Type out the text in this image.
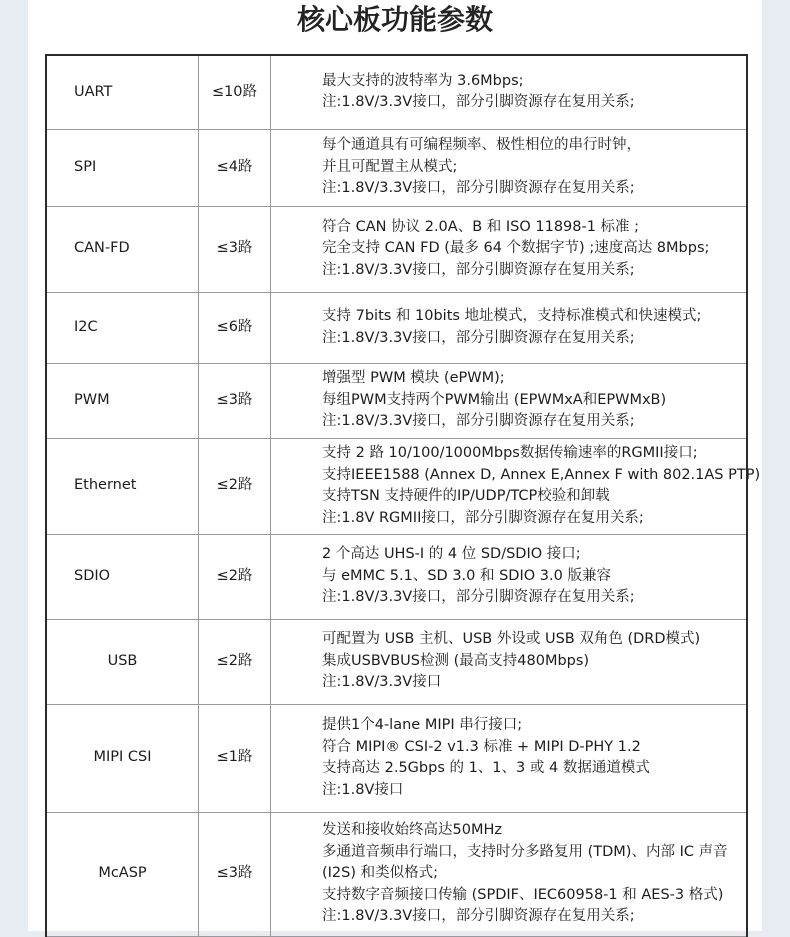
核心板功能参数
UART	≤10路	最大支持的波特率为 3.6Mbps;
注:1.8V/3.3V接口，部分引脚资源存在复用关系;

SPI	≤4路	每个通道具有可编程频率、极性相位的串行时钟，
并且可配置主从模式;
注:1.8V/3.3V接口，部分引脚资源存在复用关系;

CAN-FD	≤3路	符合 CAN 协议 2.0A、B 和 ISO 11898-1 标准 ;
完全支持 CAN FD (最多 64 个数据字节) ;速度高达 8Mbps;
注:1.8V/3.3V接口，部分引脚资源存在复用关系;

I2C	≤6路	支持 7bits 和 10bits 地址模式，支持标准模式和快速模式;
注:1.8V/3.3V接口，部分引脚资源存在复用关系;

PWM	≤3路	增强型 PWM 模块 (ePWM);
每组PWM支持两个PWM输出 (EPWMxA和EPWMxB)
注:1.8V/3.3V接口，部分引脚资源存在复用关系;

Ethernet	≤2路	支持 2 路 10/100/1000Mbps数据传输速率的RGMII接口;
支持IEEE1588 (Annex D, Annex E,Annex F with 802.1AS PTP)
支持TSN 支持硬件的IP/UDP/TCP校验和卸载
注:1.8V RGMII接口，部分引脚资源存在复用关系;

SDIO	≤2路	2 个高达 UHS-I 的 4 位 SD/SDIO 接口;
与 eMMC 5.1、SD 3.0 和 SDIO 3.0 版兼容
注:1.8V/3.3V接口，部分引脚资源存在复用关系;

USB	≤2路	可配置为 USB 主机、USB 外设或 USB 双角色 (DRD模式)
集成USBVBUS检测 (最高支持480Mbps)
注:1.8V/3.3V接口

MIPI CSI	≤1路	提供1个4-lane MIPI 串行接口;
符合 MIPI® CSI-2 v1.3 标准 + MIPI D-PHY 1.2
支持高达 2.5Gbps 的 1、1、3 或 4 数据通道模式
注:1.8V接口

McASP	≤3路	发送和接收始终高达50MHz
多通道音频串行端口，支持时分多路复用 (TDM)、内部 IC 声音
(I2S) 和类似格式;
支持数字音频接口传输 (SPDIF、IEC60958-1 和 AES-3 格式)
注:1.8V/3.3V接口，部分引脚资源存在复用关系;
